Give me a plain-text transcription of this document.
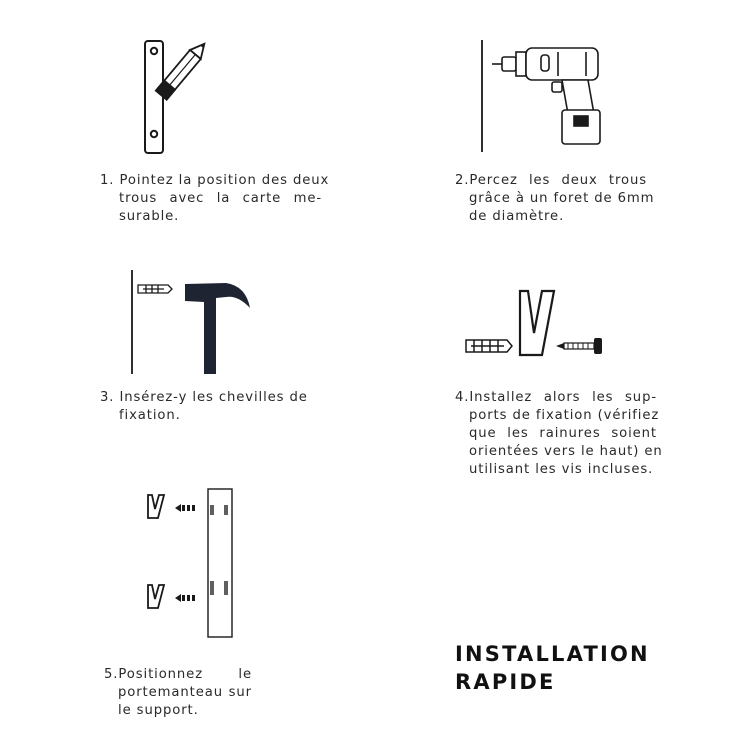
1. Pointez la position des deux
trous avec la carte me-
surable.
2.Percez les deux trous
grâce à un foret de 6mm
de diamètre.
3. Insérez-y les chevilles de
fixation.
4.Installez alors les sup-
ports de fixation (vérifiez
que les rainures soient
orientées vers le haut) en
utilisant les vis incluses.
5.Positionnez le
portemanteau sur
le support.
INSTALLATION
RAPIDE
